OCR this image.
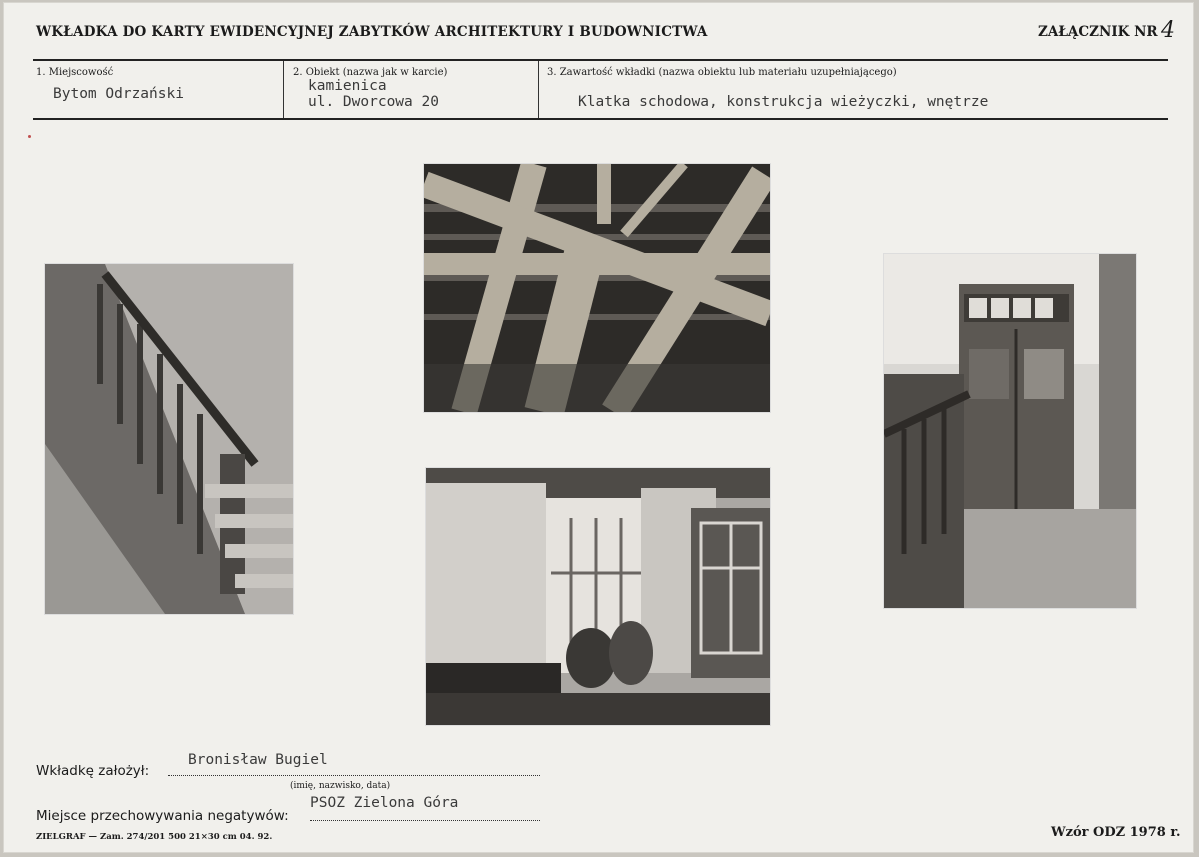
WKŁADKA DO KARTY EWIDENCYJNEJ ZABYTKÓW ARCHITEKTURY I BUDOWNICTWA	ZAŁĄCZNIK NR 4
1. Miejscowość
Bytom Odrzański
2. Obiekt (nazwa jak w karcie)
kamienica
ul. Dworcowa 20
3. Zawartość wkładki (nazwa obiektu lub materiału uzupełniającego)
Klatka schodowa, konstrukcja wieżyczki, wnętrze
Wkładkę założył:
Bronisław Bugiel
(imię, nazwisko, data)
Miejsce przechowywania negatywów:
PSOZ Zielona Góra
ZIELGRAF — Zam. 274/201 500 21×30 cm 04. 92.	Wzór ODZ 1978 r.
